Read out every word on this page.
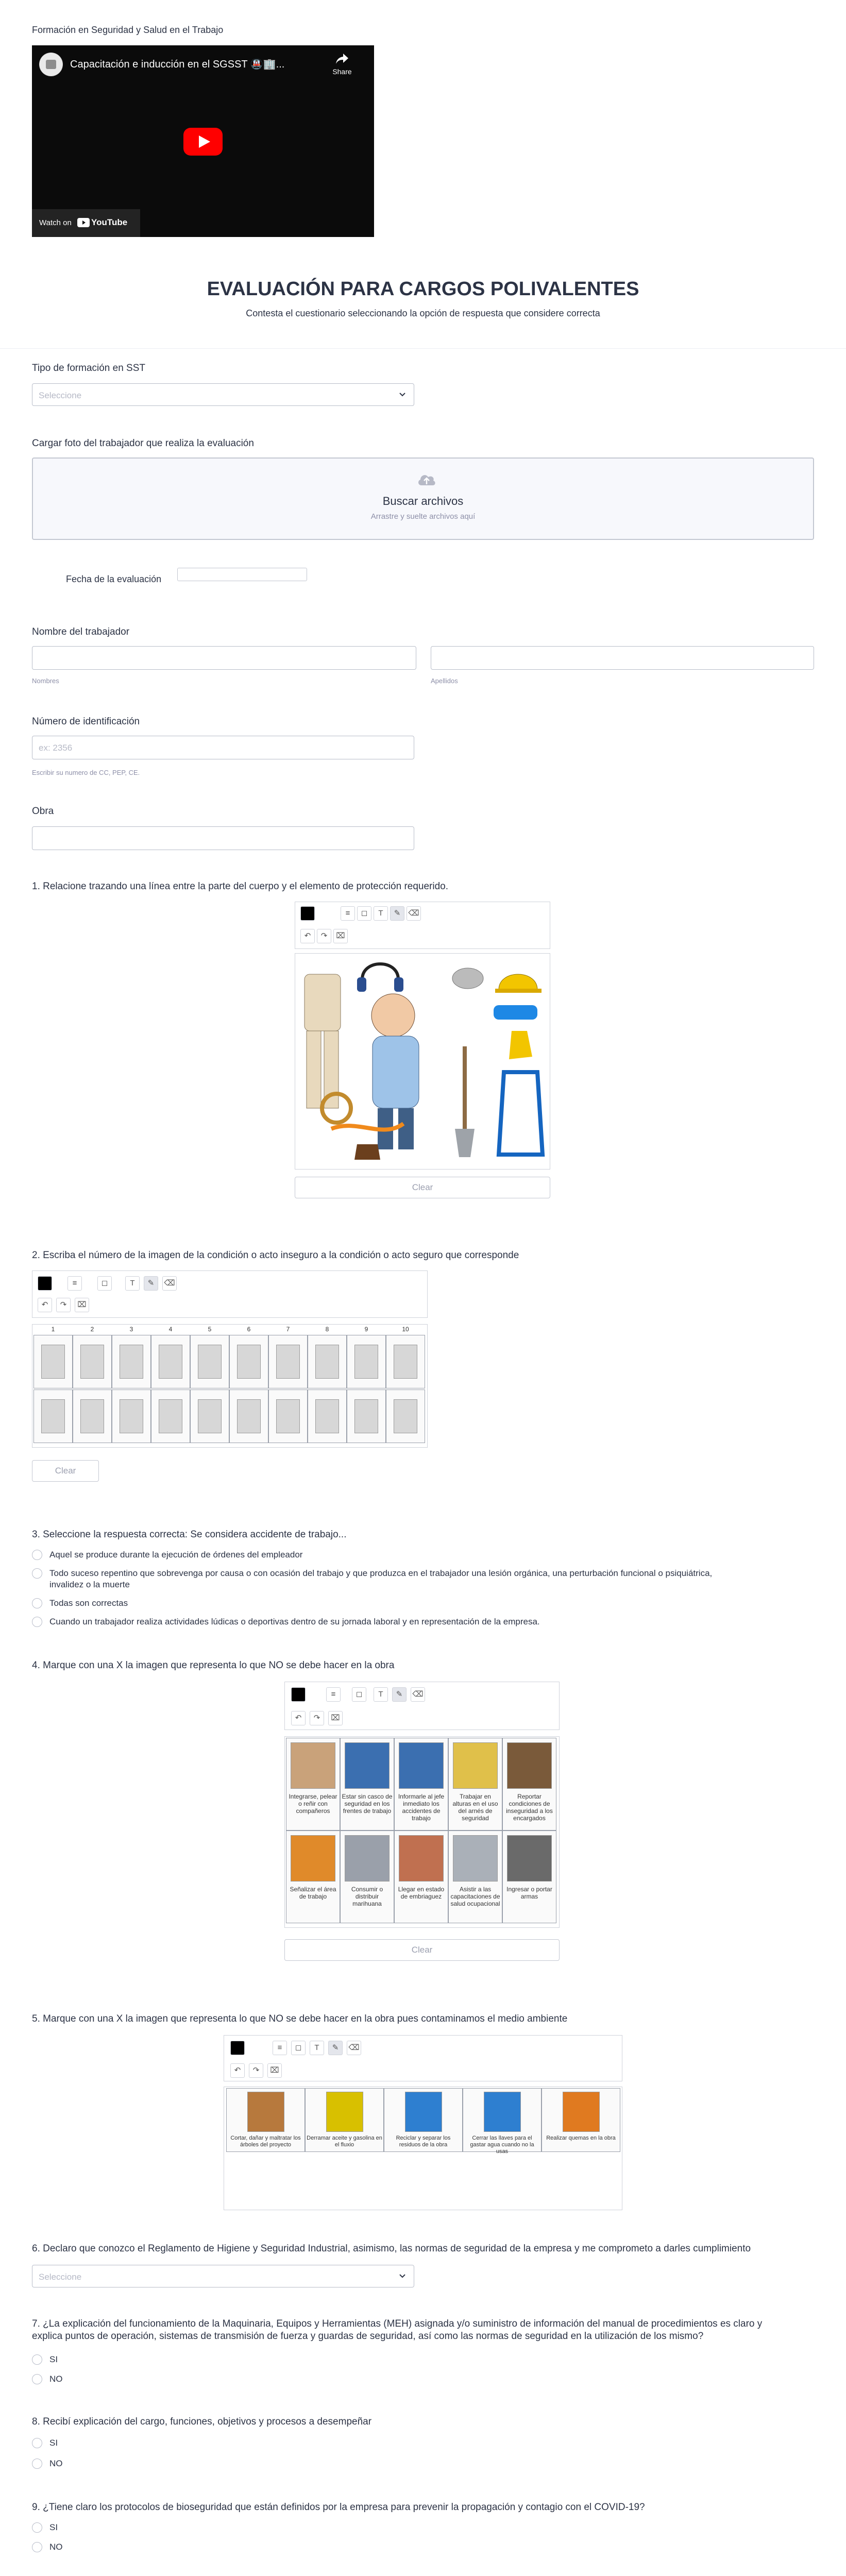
Formación en Seguridad y Salud en el Trabajo
Capacitación e inducción en el SGSST 🚇🏢...
Share
Watch on YouTube
EVALUACIÓN PARA CARGOS POLIVALENTES
Contesta el cuestionario seleccionando la opción de respuesta que considere correcta
Tipo de formación en SST
Seleccione
Cargar foto del trabajador que realiza la evaluación
Buscar archivos
Arrastre y suelte archivos aquí
Fecha de la evaluación
Nombre del trabajador
Nombres	Apellidos
Número de identificación
ex: 2356
Escribir su numero de CC, PEP, CE.
Obra
1. Relacione trazando una línea entre la parte del cuerpo y el elemento de protección requerido.
≡	◻	T	✎	⌫
↶	↷	⌧
Clear
2. Escriba el número de la imagen de la condición o acto inseguro a la condición o acto seguro que corresponde
≡	◻	T	✎	⌫
↶	↷	⌧
1	2	3	4	5	6	7	8	9	10
Clear
3. Seleccione la respuesta correcta: Se considera accidente de trabajo...
Aquel se produce durante la ejecución de órdenes del empleador
Todo suceso repentino que sobrevenga por causa o con ocasión del trabajo y que produzca en el trabajador una lesión orgánica, una perturbación funcional o psiquiátrica,
invalidez o la muerte
Todas son correctas
Cuando un trabajador realiza actividades lúdicas o deportivas dentro de su jornada laboral y en representación de la empresa.
4. Marque con una X la imagen que representa lo que NO se debe hacer en la obra
≡	◻	T	✎	⌫
↶	↷	⌧
Integrarse, pelear o reñir con compañeros
Estar sin casco de seguridad en los frentes de trabajo
Informarle al jefe inmediato los accidentes de trabajo
Trabajar en alturas en el uso del arnés de seguridad
Reportar condiciones de inseguridad a los encargados
Señalizar el área de trabajo
Consumir o distribuir marihuana
Llegar en estado de embriaguez
Asistir a las capacitaciones de salud ocupacional
Ingresar o portar armas
Clear
5. Marque con una X la imagen que representa lo que NO se debe hacer en la obra pues contaminamos el medio ambiente
≡	◻	T	✎	⌫
↶	↷	⌧
Cortar, dañar y maltratar los árboles del proyecto
Derramar aceite y gasolina en el fluxio
Reciclar y separar los residuos de la obra
Cerrar las llaves para el gastar agua cuando no la usas
Realizar quemas en la obra
6. Declaro que conozco el Reglamento de Higiene y Seguridad Industrial, asimismo, las normas de seguridad de la empresa y me comprometo a darles cumplimiento
Seleccione
7. ¿La explicación del funcionamiento de la Maquinaria, Equipos y Herramientas (MEH) asignada y/o suministro de información del manual de procedimientos es claro y
explica puntos de operación, sistemas de transmisión de fuerza y guardas de seguridad, así como las normas de seguridad en la utilización de los mismo?
SI
NO
8. Recibí explicación del cargo, funciones, objetivos y procesos a desempeñar
SI
NO
9. ¿Tiene claro los protocolos de bioseguridad que están definidos por la empresa para prevenir la propagación y contagio con el COVID-19?
SI
NO
